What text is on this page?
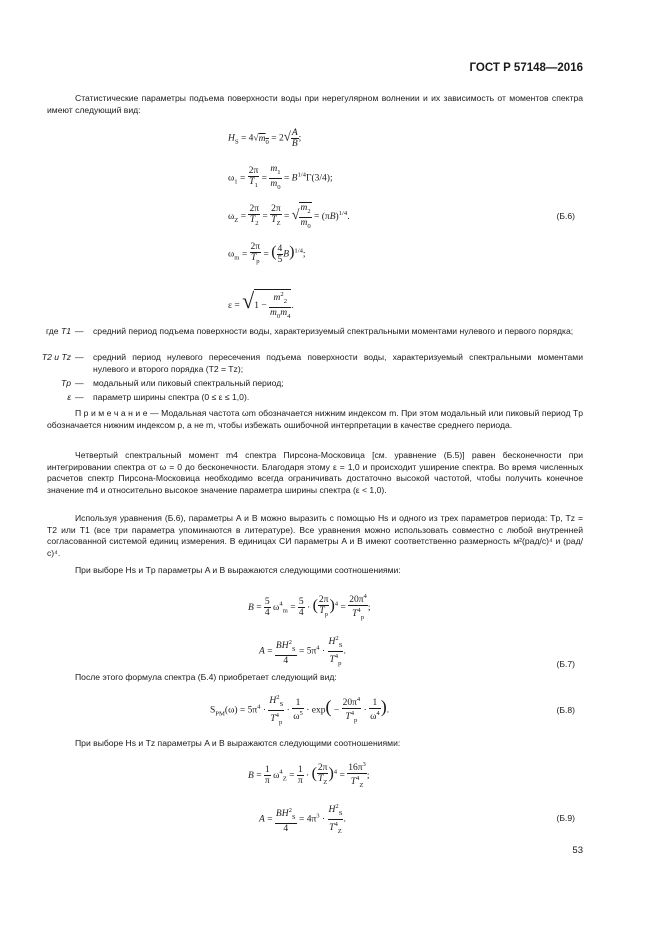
ГОСТ Р 57148—2016

Статистические параметры подъема поверхности воды при нерегулярном волнении и их зависимость от моментов спектра имеют следующий вид:

$H_S = 4√m_0 = 2√ \frac{A}{B}$ ;
$\omega_1 = \frac{2\pi}{T_1} = \frac{m_1}{m_0} = B^{1/4}\Gamma(3/4)$;
$\omega_Z = \frac{2\pi}{T_2} = \frac{2\pi}{T_Z}$ = √ $\frac{m_2}{m_0} = (\pi B)^{1/4}$.	(Б.6)
$\omega_m = \frac{2\pi}{T_p}$ = ( $\frac{4}{5} B)^{1/4}$;
$\varepsilon = √1 - \frac{m^2_2}{m_0m_4}$ .
где T1 — средний период подъема поверхности воды, характеризуемый спектральными моментами нулевого и первого порядка;
T2 и Tz — средний период нулевого пересечения подъема поверхности воды, характеризуемый спектральными моментами нулевого и второго порядка (T2 = Tz);
Tp — модальный или пиковый спектральный период;
ε — параметр ширины спектра (0 ≤ ε ≤ 1,0).

П р и м е ч а н и е — Модальная частота ωm обозначается нижним индексом m. При этом модальный или пиковый период Tp обозначается нижним индексом p, а не m, чтобы избежать ошибочной интерпретации в качестве среднего периода.

Четвертый спектральный момент m4 спектра Пирсона-Московица [см. уравнение (Б.5)] равен бесконечности при интегрировании спектра от ω = 0 до бесконечности. Благодаря этому ε = 1,0 и происходит уширение спектра. Во время численных расчетов спектр Пирсона-Московица необходимо всегда ограничивать достаточно высокой частотой, чтобы получить конечное значение m4 и относительно высокое значение параметра ширины спектра (ε < 1,0).

Используя уравнения (Б.6), параметры A и B можно выразить с помощью Hs и одного из трех параметров периода: Tp, Tz = T2 или T1 (все три параметра упоминаются в литературе). Все уравнения можно использовать совместно с любой внутренней согласованной системой единиц измерения. В единицах СИ параметры A и B имеют соответственно размерность м²(рад/с)⁴ и (рад/с)⁴.

При выборе Hs и Tp параметры A и B выражаются следующими соотношениями:

$B = \frac{5}{4} \omega^4_m = \frac{5}{4}$ · ( $\frac{2\pi}{T_p} )^4 = \frac{20\pi^4}{T^4_p}$ ;
$A = \frac{BH^2_S}{4} = 5\pi^4 \cdot \frac{H^2_S}{T^4_p}$ .
(Б.7)

После этого формула спектра (Б.4) приобретает следующий вид:

$S_{PM}(\omega) = 5\pi^4 \cdot \frac{H^2_S}{T^4_p} \cdot \frac{1}{\omega^5} \cdot \exp( - \frac{20\pi^4}{T^4_p} \cdot \frac{1}{\omega^4}$ ).	(Б.8)

При выборе Hs и Tz параметры A и B выражаются следующими соотношениями:

$B = \frac{1}{\pi} \omega^4_Z = \frac{1}{\pi}$ · ( $\frac{2\pi}{T_Z} )^4 = \frac{16\pi^3}{T^4_Z}$ ;
$A = \frac{BH^2_S}{4} = 4\pi^3 \cdot \frac{H^2_S}{T^4_Z}$ .	(Б.9)
53
